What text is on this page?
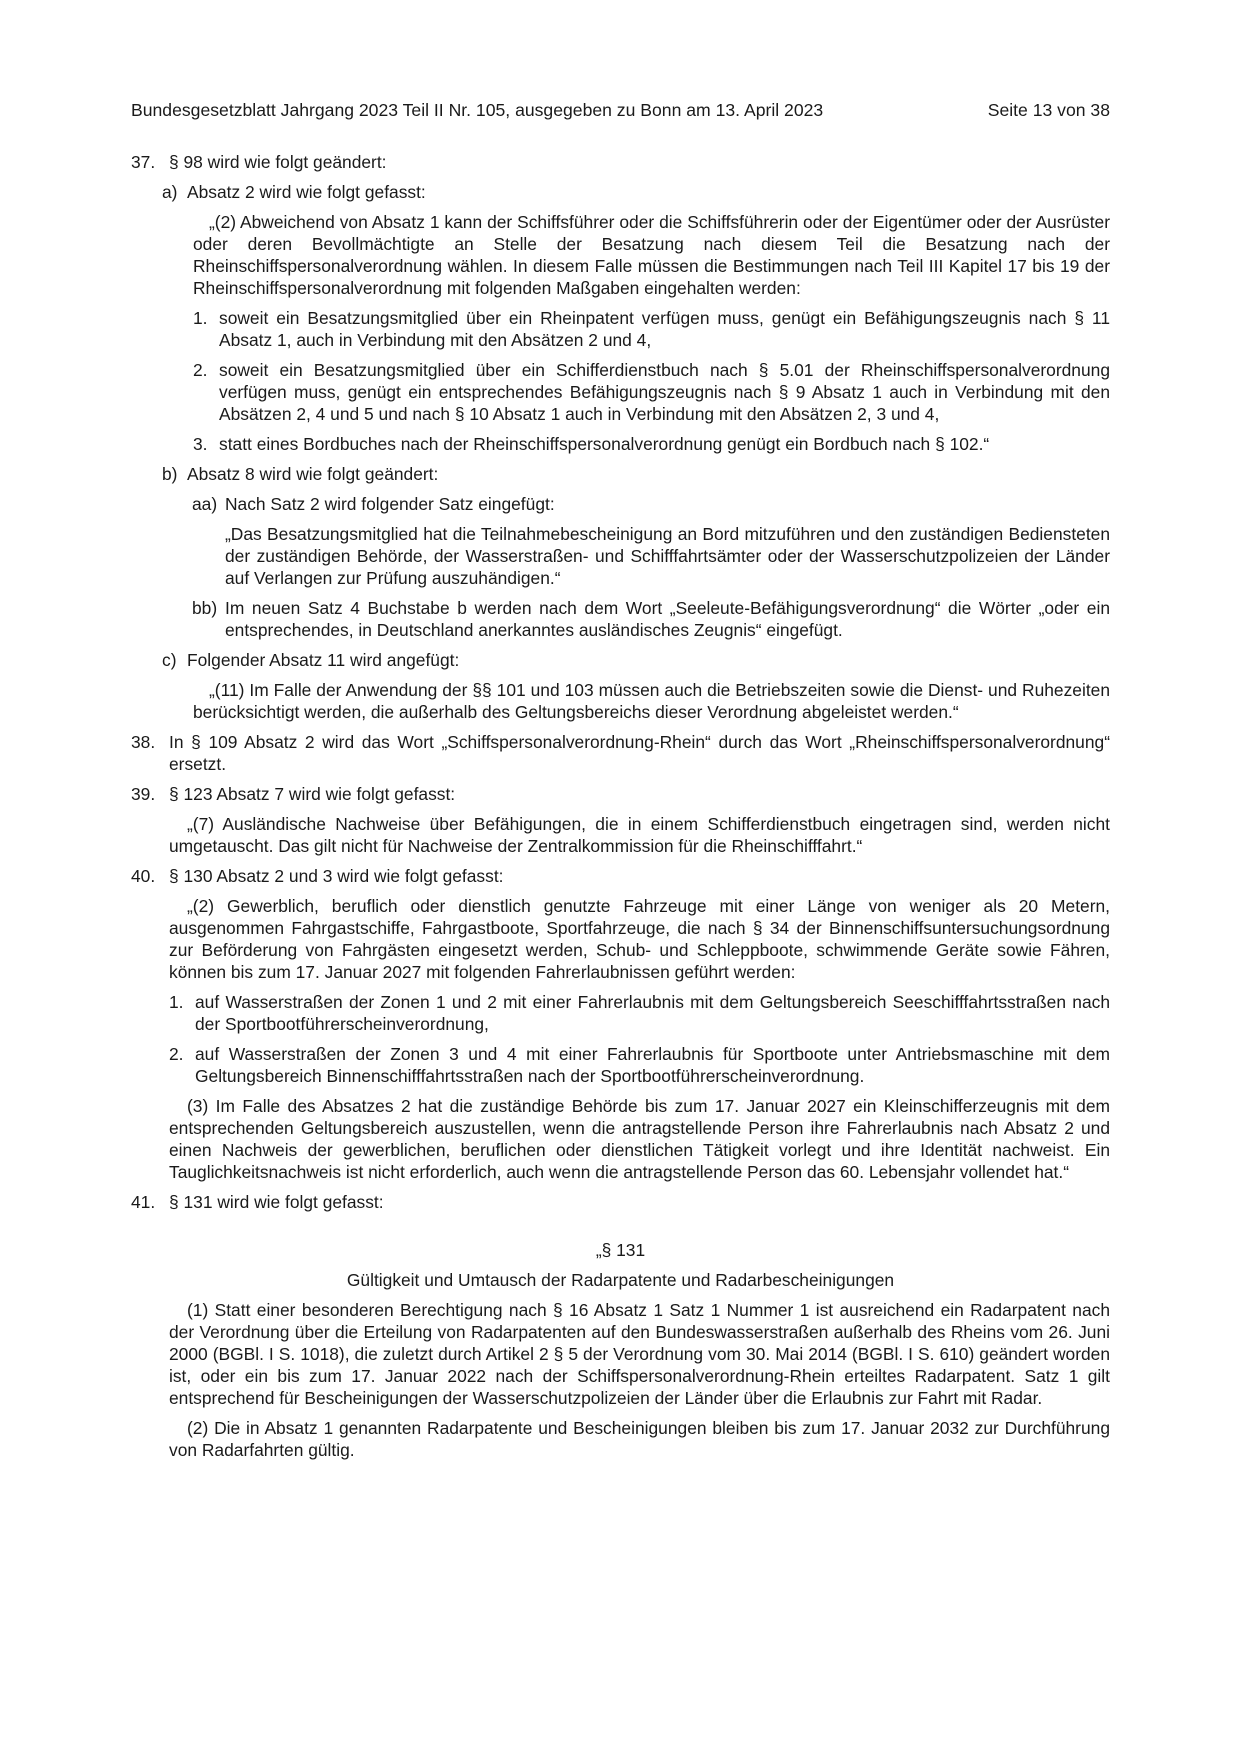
Bundesgesetzblatt Jahrgang 2023 Teil II Nr. 105, ausgegeben zu Bonn am 13. April 2023	Seite 13 von 38
37. § 98 wird wie folgt geändert:
a) Absatz 2 wird wie folgt gefasst:

„(2) Abweichend von Absatz 1 kann der Schiffsführer oder die Schiffsführerin oder der Eigentümer oder der Ausrüster oder deren Bevollmächtigte an Stelle der Besatzung nach diesem Teil die Besatzung nach der Rheinschiffspersonalverordnung wählen. In diesem Falle müssen die Bestimmungen nach Teil III Kapitel 17 bis 19 der Rheinschiffspersonalverordnung mit folgenden Maßgaben eingehalten werden:

1. soweit ein Besatzungsmitglied über ein Rheinpatent verfügen muss, genügt ein Befähigungszeugnis nach § 11 Absatz 1, auch in Verbindung mit den Absätzen 2 und 4,
2. soweit ein Besatzungsmitglied über ein Schifferdienstbuch nach § 5.01 der Rheinschiffspersonalverordnung verfügen muss, genügt ein entsprechendes Befähigungszeugnis nach § 9 Absatz 1 auch in Verbindung mit den Absätzen 2, 4 und 5 und nach § 10 Absatz 1 auch in Verbindung mit den Absätzen 2, 3 und 4,
3. statt eines Bordbuches nach der Rheinschiffspersonalverordnung genügt ein Bordbuch nach § 102.“
b) Absatz 8 wird wie folgt geändert:
aa) Nach Satz 2 wird folgender Satz eingefügt:

„Das Besatzungsmitglied hat die Teilnahmebescheinigung an Bord mitzuführen und den zuständigen Bediensteten der zuständigen Behörde, der Wasserstraßen- und Schifffahrtsämter oder der Wasserschutzpolizeien der Länder auf Verlangen zur Prüfung auszuhändigen.“

bb) Im neuen Satz 4 Buchstabe b werden nach dem Wort „Seeleute-Befähigungsverordnung“ die Wörter „oder ein entsprechendes, in Deutschland anerkanntes ausländisches Zeugnis“ eingefügt.
c) Folgender Absatz 11 wird angefügt:

„(11) Im Falle der Anwendung der §§ 101 und 103 müssen auch die Betriebszeiten sowie die Dienst- und Ruhezeiten berücksichtigt werden, die außerhalb des Geltungsbereichs dieser Verordnung abgeleistet werden.“

38. In § 109 Absatz 2 wird das Wort „Schiffspersonalverordnung-Rhein“ durch das Wort „Rheinschiffspersonalverordnung“ ersetzt.
39. § 123 Absatz 7 wird wie folgt gefasst:

„(7) Ausländische Nachweise über Befähigungen, die in einem Schifferdienstbuch eingetragen sind, werden nicht umgetauscht. Das gilt nicht für Nachweise der Zentralkommission für die Rheinschifffahrt.“

40. § 130 Absatz 2 und 3 wird wie folgt gefasst:

„(2) Gewerblich, beruflich oder dienstlich genutzte Fahrzeuge mit einer Länge von weniger als 20 Metern, ausgenommen Fahrgastschiffe, Fahrgastboote, Sportfahrzeuge, die nach § 34 der Binnenschiffsuntersuchungsordnung zur Beförderung von Fahrgästen eingesetzt werden, Schub- und Schleppboote, schwimmende Geräte sowie Fähren, können bis zum 17. Januar 2027 mit folgenden Fahrerlaubnissen geführt werden:

1. auf Wasserstraßen der Zonen 1 und 2 mit einer Fahrerlaubnis mit dem Geltungsbereich Seeschifffahrtsstraßen nach der Sportbootführerscheinverordnung,
2. auf Wasserstraßen der Zonen 3 und 4 mit einer Fahrerlaubnis für Sportboote unter Antriebsmaschine mit dem Geltungsbereich Binnenschifffahrtsstraßen nach der Sportbootführerscheinverordnung.

(3) Im Falle des Absatzes 2 hat die zuständige Behörde bis zum 17. Januar 2027 ein Kleinschifferzeugnis mit dem entsprechenden Geltungsbereich auszustellen, wenn die antragstellende Person ihre Fahrerlaubnis nach Absatz 2 und einen Nachweis der gewerblichen, beruflichen oder dienstlichen Tätigkeit vorlegt und ihre Identität nachweist. Ein Tauglichkeitsnachweis ist nicht erforderlich, auch wenn die antragstellende Person das 60. Lebensjahr vollendet hat.“

41. § 131 wird wie folgt gefasst:

„§ 131

Gültigkeit und Umtausch der Radarpatente und Radarbescheinigungen

(1) Statt einer besonderen Berechtigung nach § 16 Absatz 1 Satz 1 Nummer 1 ist ausreichend ein Radarpatent nach der Verordnung über die Erteilung von Radarpatenten auf den Bundeswasserstraßen außerhalb des Rheins vom 26. Juni 2000 (BGBl. I S. 1018), die zuletzt durch Artikel 2 § 5 der Verordnung vom 30. Mai 2014 (BGBl. I S. 610) geändert worden ist, oder ein bis zum 17. Januar 2022 nach der Schiffspersonalverordnung-Rhein erteiltes Radarpatent. Satz 1 gilt entsprechend für Bescheinigungen der Wasserschutzpolizeien der Länder über die Erlaubnis zur Fahrt mit Radar.

(2) Die in Absatz 1 genannten Radarpatente und Bescheinigungen bleiben bis zum 17. Januar 2032 zur Durchführung von Radarfahrten gültig.
